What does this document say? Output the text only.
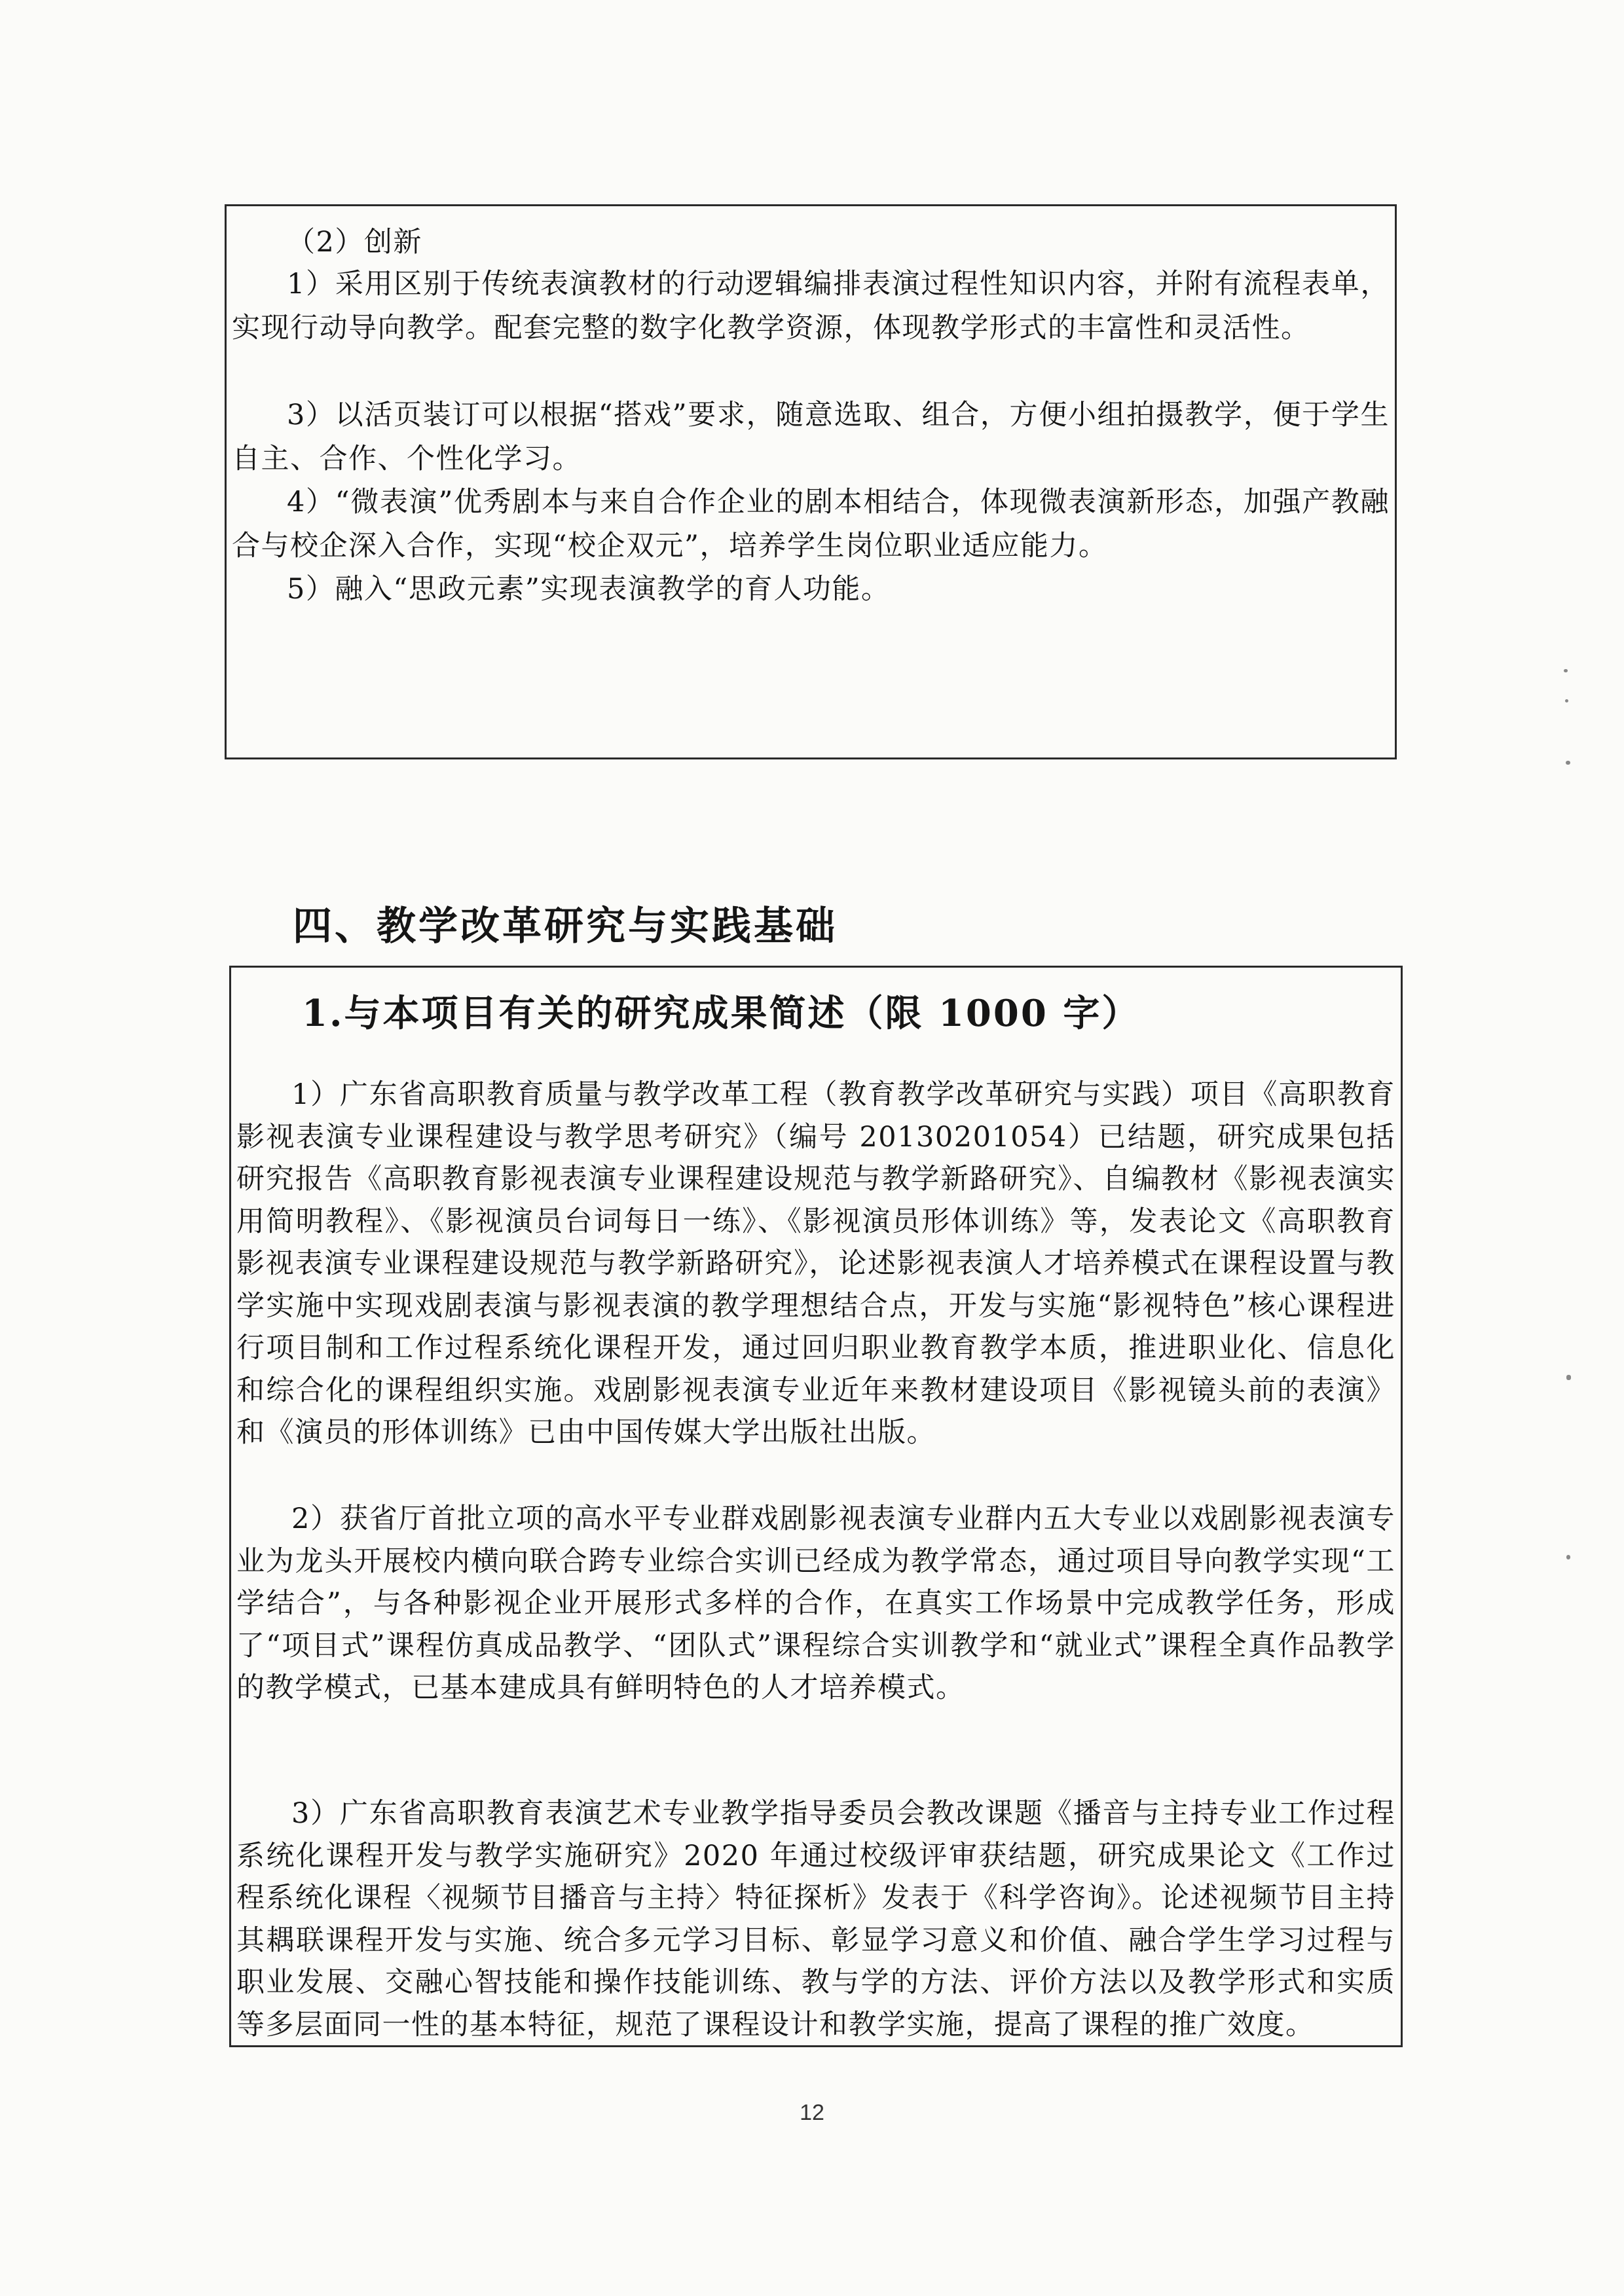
（2）创新

1）采用区别于传统表演教材的行动逻辑编排表演过程性知识内容，并附有流程表单，实现行动导向教学。配套完整的数字化教学资源，体现教学形式的丰富性和灵活性。

3）以活页装订可以根据“搭戏”要求，随意选取、组合，方便小组拍摄教学，便于学生自主、合作、个性化学习。

4）“微表演”优秀剧本与来自合作企业的剧本相结合，体现微表演新形态，加强产教融合与校企深入合作，实现“校企双元”，培养学生岗位职业适应能力。

5）融入“思政元素”实现表演教学的育人功能。

四、教学改革研究与实践基础
1.与本项目有关的研究成果简述（限 1000 字）

1）广东省高职教育质量与教学改革工程（教育教学改革研究与实践）项目《高职教育影视表演专业课程建设与教学思考研究》（编号 20130201054）已结题，研究成果包括研究报告《高职教育影视表演专业课程建设规范与教学新路研究》、自编教材《影视表演实用简明教程》、《影视演员台词每日一练》、《影视演员形体训练》等，发表论文《高职教育影视表演专业课程建设规范与教学新路研究》，论述影视表演人才培养模式在课程设置与教学实施中实现戏剧表演与影视表演的教学理想结合点，开发与实施“影视特色”核心课程进行项目制和工作过程系统化课程开发，通过回归职业教育教学本质，推进职业化、信息化和综合化的课程组织实施。戏剧影视表演专业近年来教材建设项目《影视镜头前的表演》和《演员的形体训练》已由中国传媒大学出版社出版。

2）获省厅首批立项的高水平专业群戏剧影视表演专业群内五大专业以戏剧影视表演专业为龙头开展校内横向联合跨专业综合实训已经成为教学常态，通过项目导向教学实现“工学结合”，与各种影视企业开展形式多样的合作，在真实工作场景中完成教学任务，形成了“项目式”课程仿真成品教学、“团队式”课程综合实训教学和“就业式”课程全真作品教学的教学模式，已基本建成具有鲜明特色的人才培养模式。

3）广东省高职教育表演艺术专业教学指导委员会教改课题《播音与主持专业工作过程系统化课程开发与教学实施研究》2020 年通过校级评审获结题，研究成果论文《工作过程系统化课程〈视频节目播音与主持〉特征探析》发表于《科学咨询》。论述视频节目主持其耦联课程开发与实施、统合多元学习目标、彰显学习意义和价值、融合学生学习过程与职业发展、交融心智技能和操作技能训练、教与学的方法、评价方法以及教学形式和实质等多层面同一性的基本特征，规范了课程设计和教学实施，提高了课程的推广效度。

12
